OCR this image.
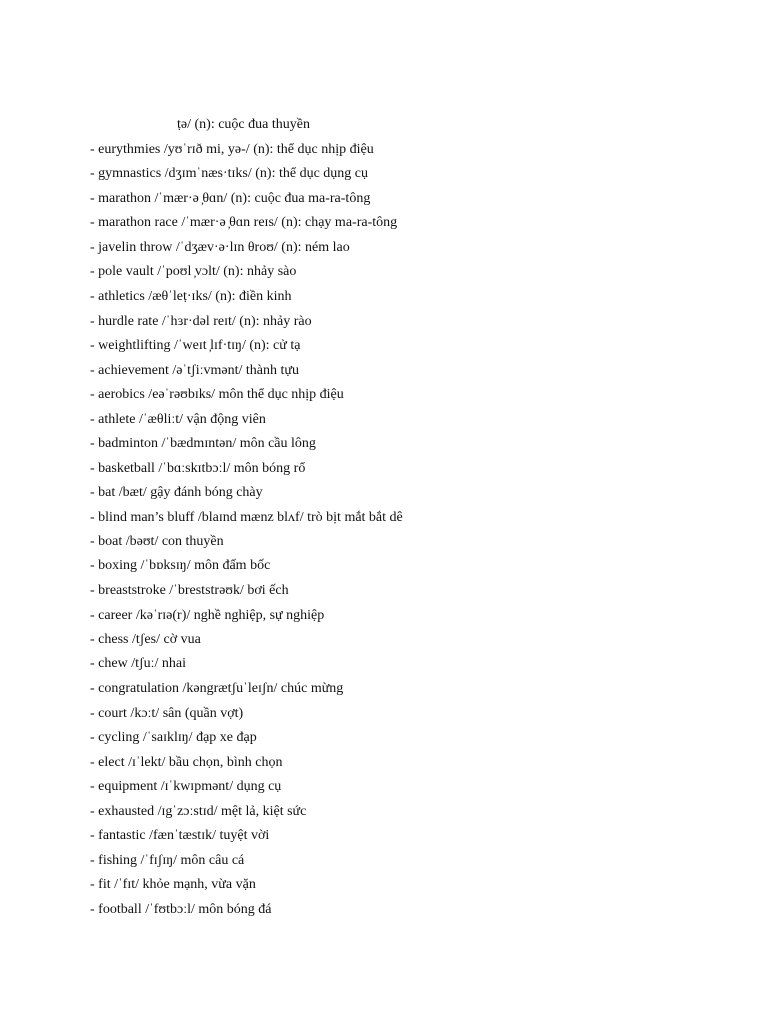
ṭə/ (n): cuộc đua thuyền
- eurythmies /yʊˈrɪð mi, yə-/ (n): thể dục nhịp điệu
- gymnastics /dʒɪmˈnæs·tɪks/ (n): thể dục dụng cụ
- marathon /ˈmær·ə ̦θɑn/ (n): cuộc đua ma-ra-tông
- marathon race /ˈmær·ə ̦θɑn reɪs/ (n): chạy ma-ra-tông
- javelin throw /ˈdʒæv·ə·lɪn θroʊ/ (n): ném lao
- pole vault /ˈpoʊl ̦vɔlt/ (n): nhảy sào
- athletics /æθˈleṭ·ɪks/ (n): điền kinh
- hurdle rate /ˈhɜr·dəl reɪt/ (n): nhảy rào
- weightlifting /ˈweɪt ̦lɪf·tɪŋ/ (n): cử tạ
- achievement /əˈtʃiːvmənt/ thành tựu
- aerobics /eəˈrəʊbɪks/ môn thể dục nhịp điệu
- athlete /ˈæθliːt/ vận động viên
- badminton /ˈbædmɪntən/ môn cầu lông
- basketball /ˈbɑːskɪtbɔːl/ môn bóng rổ
- bat /bæt/ gậy đánh bóng chày
- blind man’s bluff /blaɪnd mænz blʌf/ trò bịt mắt bắt dê
- boat /bəʊt/ con thuyền
- boxing /ˈbɒksɪŋ/ môn đấm bốc
- breaststroke /ˈbreststrəʊk/ bơi ếch
- career /kəˈrɪə(r)/ nghề nghiệp, sự nghiệp
- chess /tʃes/ cờ vua
- chew /tʃuː/ nhai
- congratulation /kəngrætʃuˈleɪʃn/ chúc mừng
- court /kɔːt/ sân (quần vợt)
- cycling /ˈsaɪklɪŋ/ đạp xe đạp
- elect /ɪˈlekt/ bầu chọn, bình chọn
- equipment /ɪˈkwɪpmənt/ dụng cụ
- exhausted /ɪgˈzɔːstɪd/ mệt lả, kiệt sức
- fantastic /fænˈtæstɪk/ tuyệt vời
- fishing /ˈfɪʃɪŋ/ môn câu cá
- fit /ˈfɪt/ khỏe mạnh, vừa vặn
- football /ˈfʊtbɔːl/ môn bóng đá
